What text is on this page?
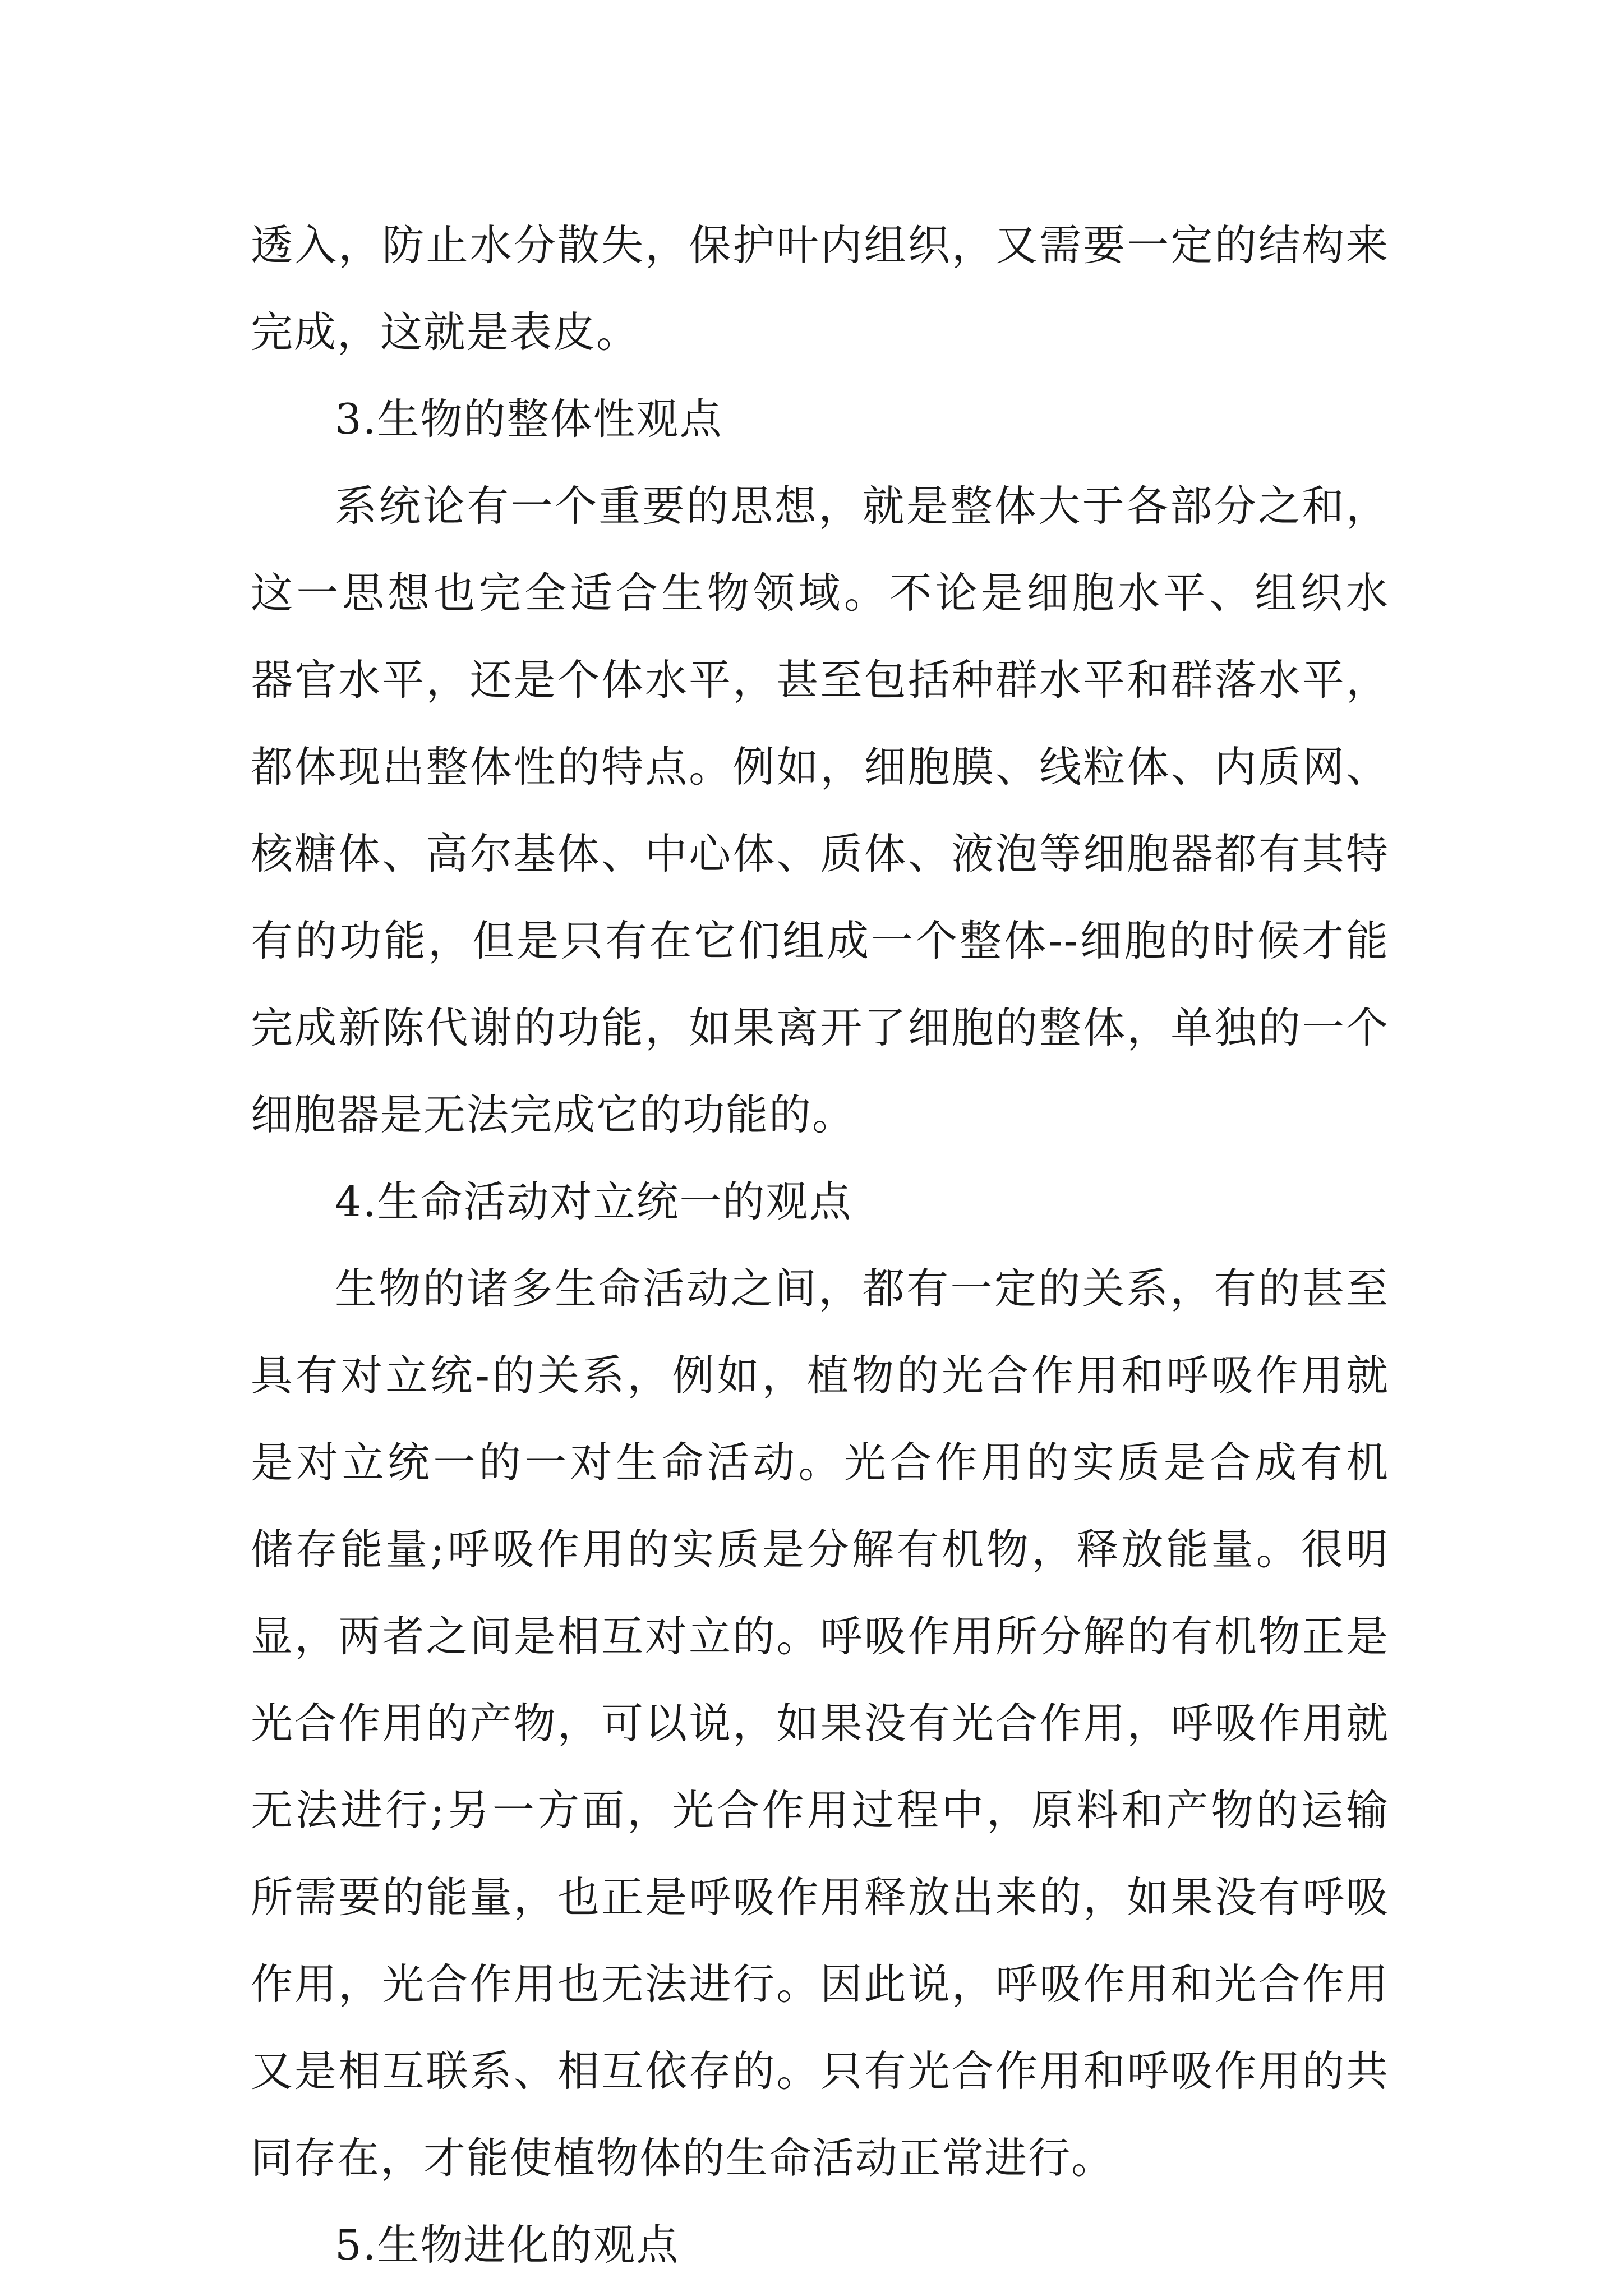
透入，防止水分散失，保护叶内组织，又需要一定的结构来
完成，这就是表皮。
3.生物的整体性观点
系统论有一个重要的思想，就是整体大于各部分之和，
这一思想也完全适合生物领域。不论是细胞水平、组织水
器官水平，还是个体水平，甚至包括种群水平和群落水平，
都体现出整体性的特点。例如，细胞膜、线粒体、内质网、
核糖体、高尔基体、中心体、质体、液泡等细胞器都有其特
有的功能，但是只有在它们组成一个整体--细胞的时候才能
完成新陈代谢的功能，如果离开了细胞的整体，单独的一个
细胞器是无法完成它的功能的。
4.生命活动对立统一的观点
生物的诸多生命活动之间，都有一定的关系，有的甚至
具有对立统-的关系，例如，植物的光合作用和呼吸作用就
是对立统一的一对生命活动。光合作用的实质是合成有机
储存能量;呼吸作用的实质是分解有机物，释放能量。很明
显，两者之间是相互对立的。呼吸作用所分解的有机物正是
光合作用的产物，可以说，如果没有光合作用，呼吸作用就
无法进行;另一方面，光合作用过程中，原料和产物的运输
所需要的能量，也正是呼吸作用释放出来的，如果没有呼吸
作用，光合作用也无法进行。因此说，呼吸作用和光合作用
又是相互联系、相互依存的。只有光合作用和呼吸作用的共
同存在，才能使植物体的生命活动正常进行。
5.生物进化的观点
